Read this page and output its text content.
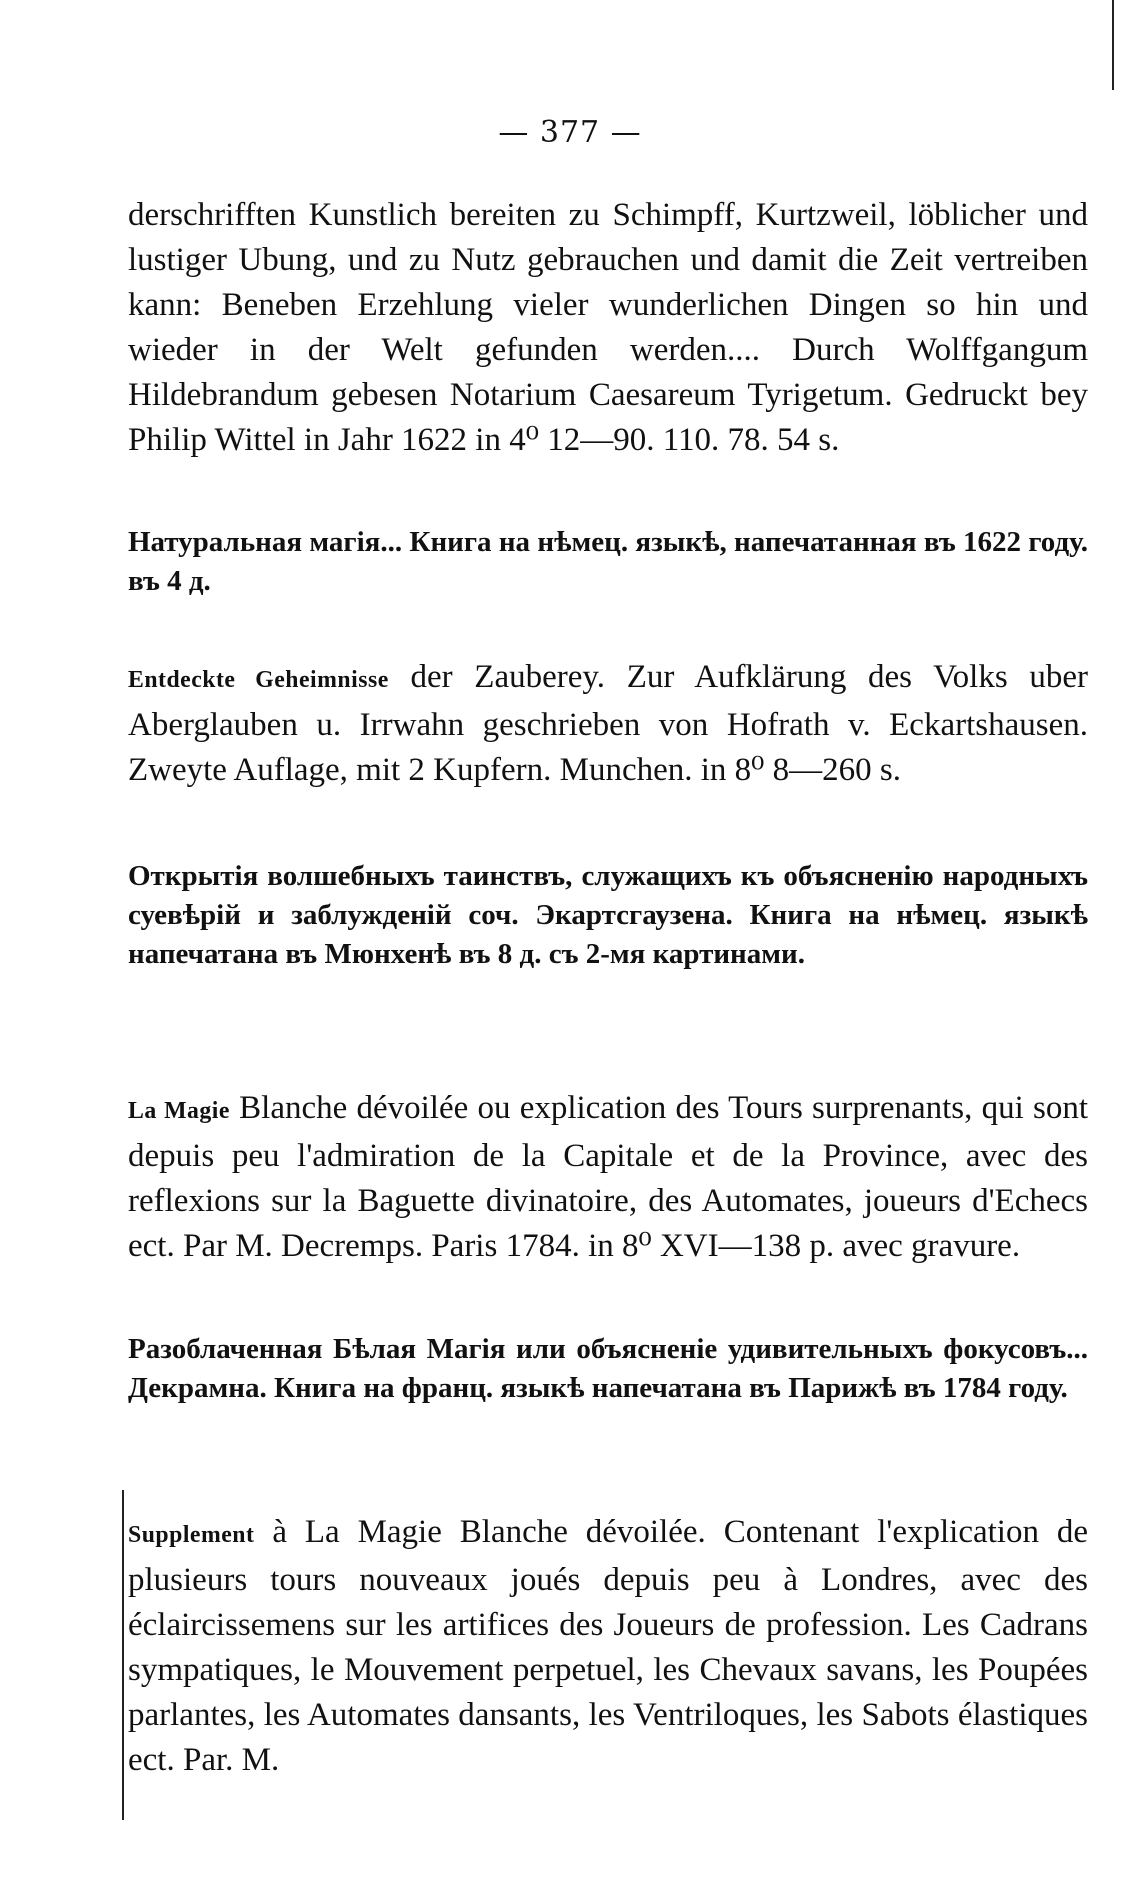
— 377 —

derschrifften Kunstlich bereiten zu Schimpff, Kurtzweil, löblicher und lustiger Ubung, und zu Nutz gebrauchen und damit die Zeit vertreiben kann: Beneben Erzehlung vieler wunderlichen Dingen so hin und wieder in der Welt gefunden werden.... Durch Wolffgangum Hildebrandum gebesen Notarium Caesareum Tyrigetum. Gedruckt bey Philip Wittel in Jahr 1622 in 4⁰ 12—90. 110. 78. 54 s.

Натуральная магія... Книга на нѣмец. языкѣ, напечатанная въ 1622 году. въ 4 д.

Entdeckte Geheimnisse der Zauberey. Zur Aufklärung des Volks uber Aberglauben u. Irrwahn geschrieben von Hofrath v. Eckartshausen. Zweyte Auflage, mit 2 Kupfern. Munchen. in 8⁰ 8—260 s.

Открытія волшебныхъ таинствъ, служащихъ къ объясненію народныхъ суевѣрій и заблужденій соч. Экартсгаузена. Книга на нѣмец. языкѣ напечатана въ Мюнхенѣ въ 8 д. съ 2-мя картинами.

La Magie Blanche dévoilée ou explication des Tours surprenants, qui sont depuis peu l'admiration de la Capitale et de la Province, avec des reflexions sur la Baguette divinatoire, des Automates, joueurs d'Echecs ect. Par M. Decremps. Paris 1784. in 8⁰ XVI—138 p. avec gravure.

Разоблаченная Бѣлая Магія или объясненіе удивительныхъ фокусовъ... Декрамна. Книга на франц. языкѣ напечатана въ Парижѣ въ 1784 году.

Supplement à La Magie Blanche dévoilée. Contenant l'explication de plusieurs tours nouveaux joués depuis peu à Londres, avec des éclaircissemens sur les artifices des Joueurs de profession. Les Cadrans sympatiques, le Mouvement perpetuel, les Chevaux savans, les Poupées parlantes, les Automates dansants, les Ventriloques, les Sabots élastiques ect. Par. M.
